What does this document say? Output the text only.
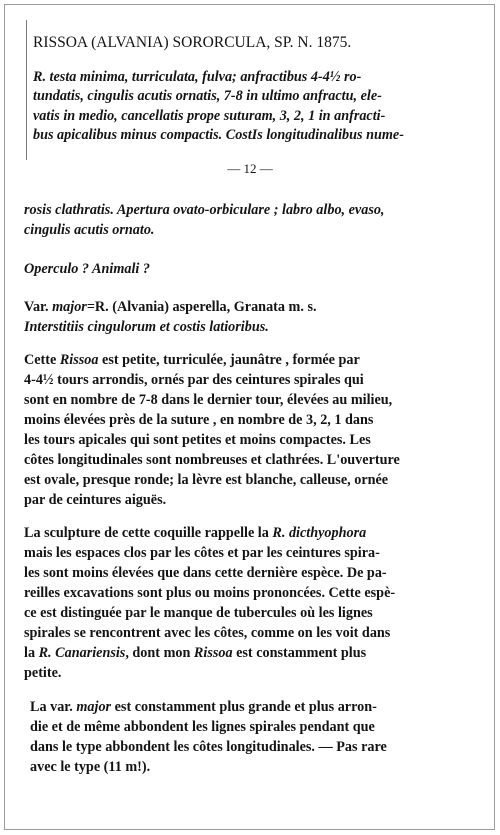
RISSOA (ALVANIA) SORORCULA, SP. N. 1875.
R. testa minima, turriculata, fulva; anfractibus 4-4½ ro-
tundatis, cingulis acutis ornatis, 7-8 in ultimo anfractu, ele-
vatis in medio, cancellatis prope suturam, 3, 2, 1 in anfracti-
bus apicalibus minus compactis. CostIs longitudinalibus nume-
— 12 —
rosis clathratis. Apertura ovato-orbiculare ; labro albo, evaso,
cingulis acutis ornato.
Operculo ? Animali ?
Var. major=R. (Alvania) asperella, Granata m. s.
Interstitiis cingulorum et costis latioribus.
Cette Rissoa est petite, turriculée, jaunâtre , formée par
4-4½ tours arrondis, ornés par des ceintures spirales qui
sont en nombre de 7-8 dans le dernier tour, élevées au milieu,
moins élevées près de la suture , en nombre de 3, 2, 1 dans
les tours apicales qui sont petites et moins compactes. Les
côtes longitudinales sont nombreuses et clathrées. L'ouverture
est ovale, presque ronde; la lèvre est blanche, calleuse, ornée
par de ceintures aiguës.
La sculpture de cette coquille rappelle la R. dicthyophora
mais les espaces clos par les côtes et par les ceintures spira-
les sont moins élevées que dans cette dernière espèce. De pa-
reilles excavations sont plus ou moins prononcées. Cette espè-
ce est distinguée par le manque de tubercules où les lignes
spirales se rencontrent avec les côtes, comme on les voit dans
la R. Canariensis, dont mon Rissoa est constamment plus
petite.
La var. major est constamment plus grande et plus arron-
die et de même abbondent les lignes spirales pendant que
dans le type abbondent les côtes longitudinales. — Pas rare
avec le type (11 m!).
